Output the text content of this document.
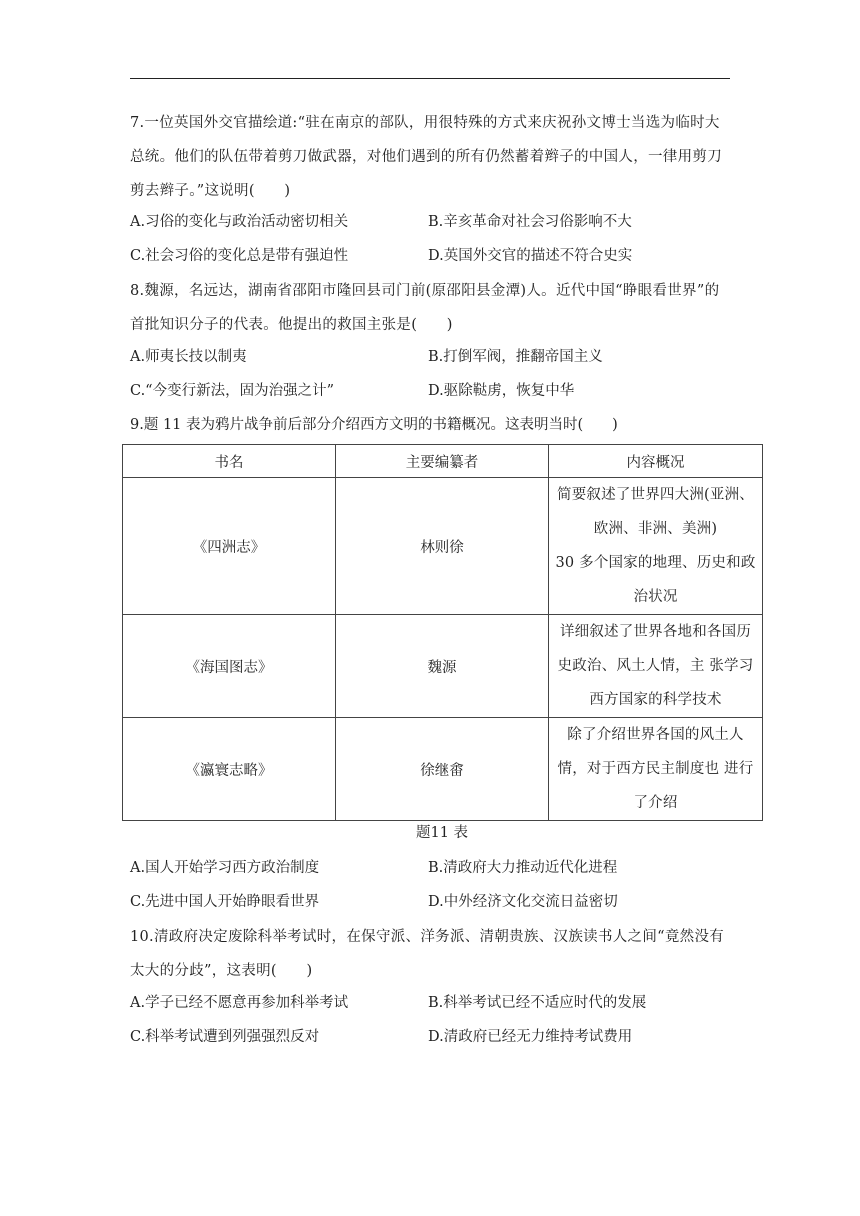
7.一位英国外交官描绘道:“驻在南京的部队，用很特殊的方式来庆祝孙文博士当选为临时大总统。他们的队伍带着剪刀做武器，对他们遇到的所有仍然蓄着辫子的中国人，一律用剪刀剪去辫子。”这说明(　　)
A.习俗的变化与政治活动密切相关	B.辛亥革命对社会习俗影响不大
C.社会习俗的变化总是带有强迫性	D.英国外交官的描述不符合史实
8.魏源，名远达，湖南省邵阳市隆回县司门前(原邵阳县金潭)人。近代中国“睁眼看世界”的首批知识分子的代表。他提出的救国主张是(　　)
A.师夷长技以制夷	B.打倒军阀，推翻帝国主义
C.“今变行新法，固为治强之计”	D.驱除鞑虏，恢复中华
9.题 11 表为鸦片战争前后部分介绍西方文明的书籍概况。这表明当时(　　)
书名	主要编纂者	内容概况
《四洲志》	林则徐	简要叙述了世界四大洲(亚洲、
欧洲、非洲、美洲)
30 多个国家的地理、历史和政
治状况

《海国图志》	魏源	详细叙述了世界各地和各国历
史政治、风土人情，主 张学习
西方国家的科学技术

《瀛寰志略》	徐继畬	除了介绍世界各国的风土人
情，对于西方民主制度也 进行
了介绍
题11 表
A.国人开始学习西方政治制度	B.清政府大力推动近代化进程
C.先进中国人开始睁眼看世界	D.中外经济文化交流日益密切
10.清政府决定废除科举考试时，在保守派、洋务派、清朝贵族、汉族读书人之间“竟然没有太大的分歧”，这表明(　　)
A.学子已经不愿意再参加科举考试	B.科举考试已经不适应时代的发展
C.科举考试遭到列强强烈反对	D.清政府已经无力维持考试费用
